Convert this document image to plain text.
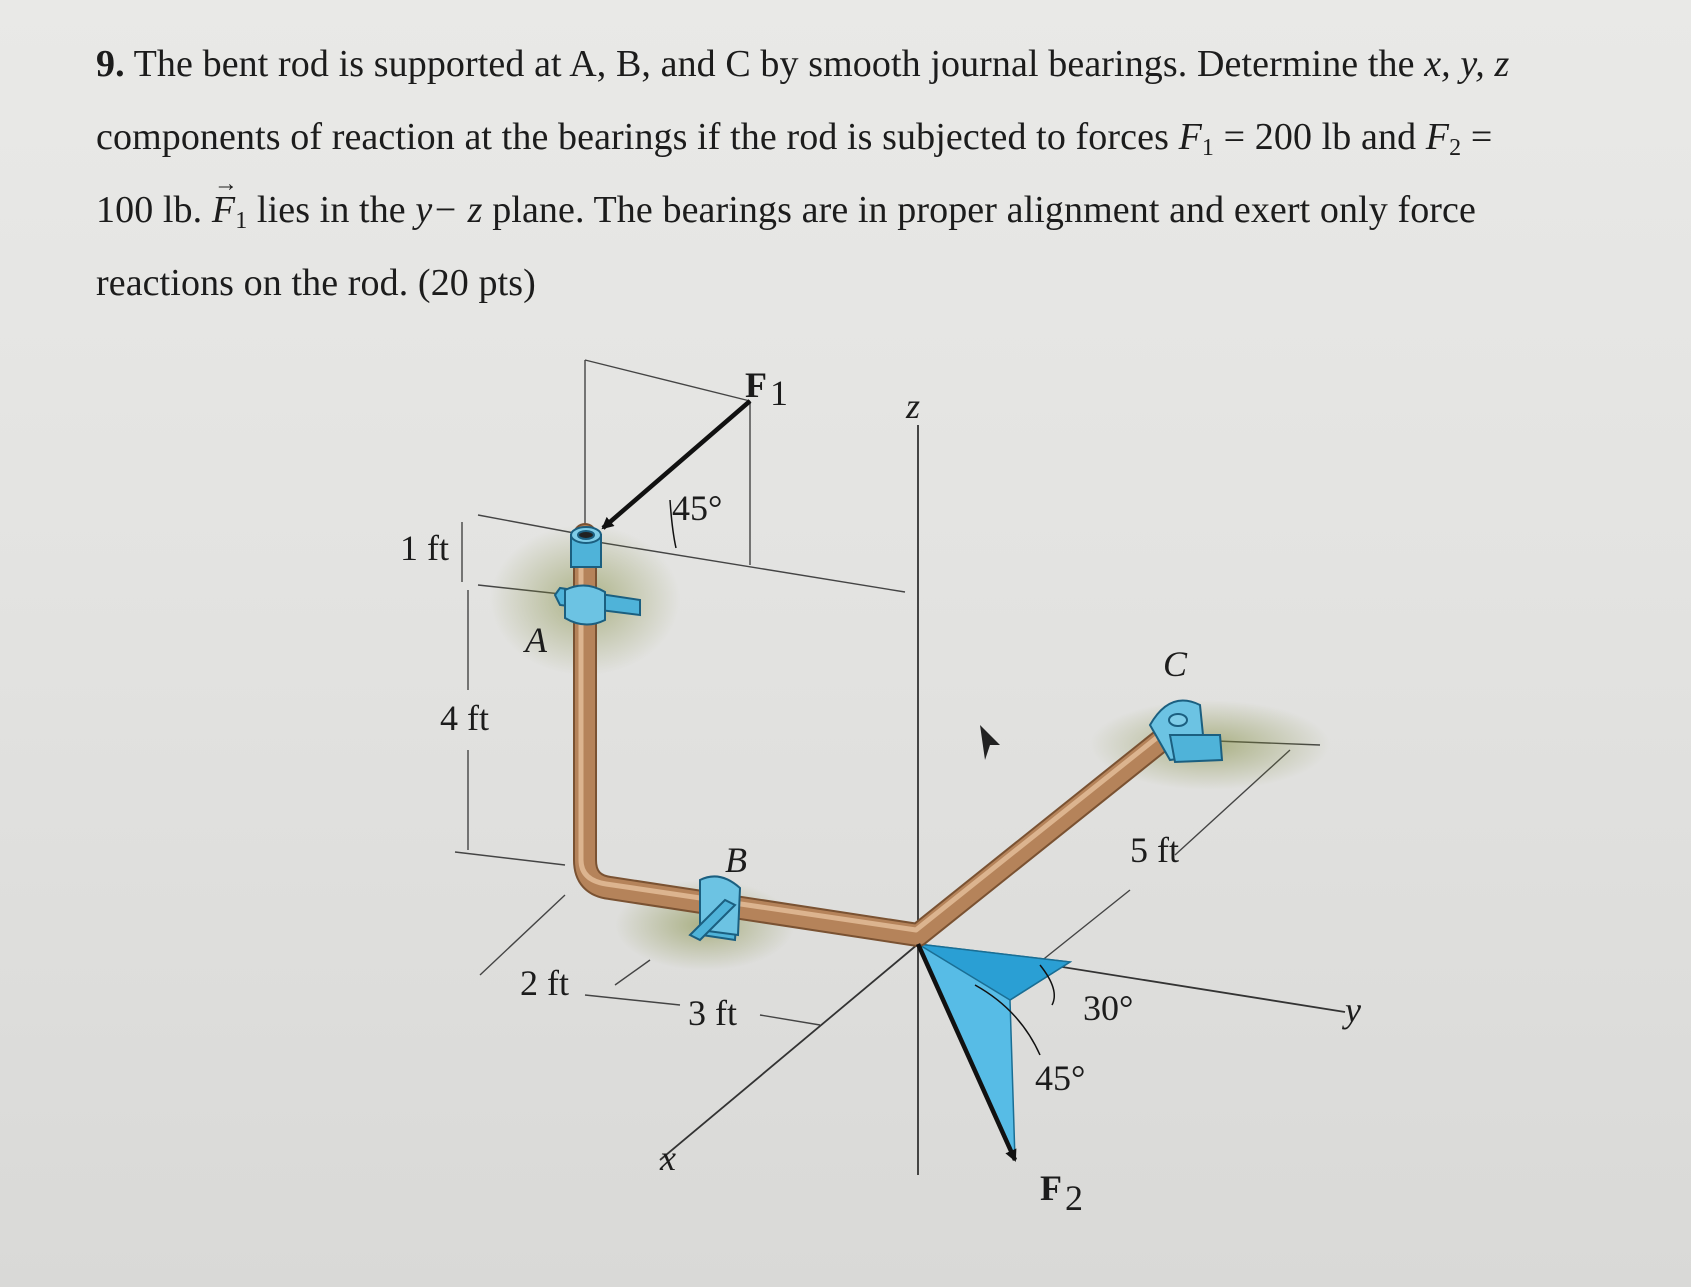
9. The bent rod is supported at A, B, and C by smooth journal bearings. Determine the x, y, z
components of reaction at the bearings if the rod is subjected to forces $F_1 = 200$ lb and $F_2$ =
100 lb. → $F_1$ lies in the y− z plane. The bearings are in proper alignment and exert only force
reactions on the rod. (20 pts)
F 1	z
45°
1 ft
A
4 ft
C
5 ft
B
2 ft
3 ft	30°	y
45°
x
F 2
